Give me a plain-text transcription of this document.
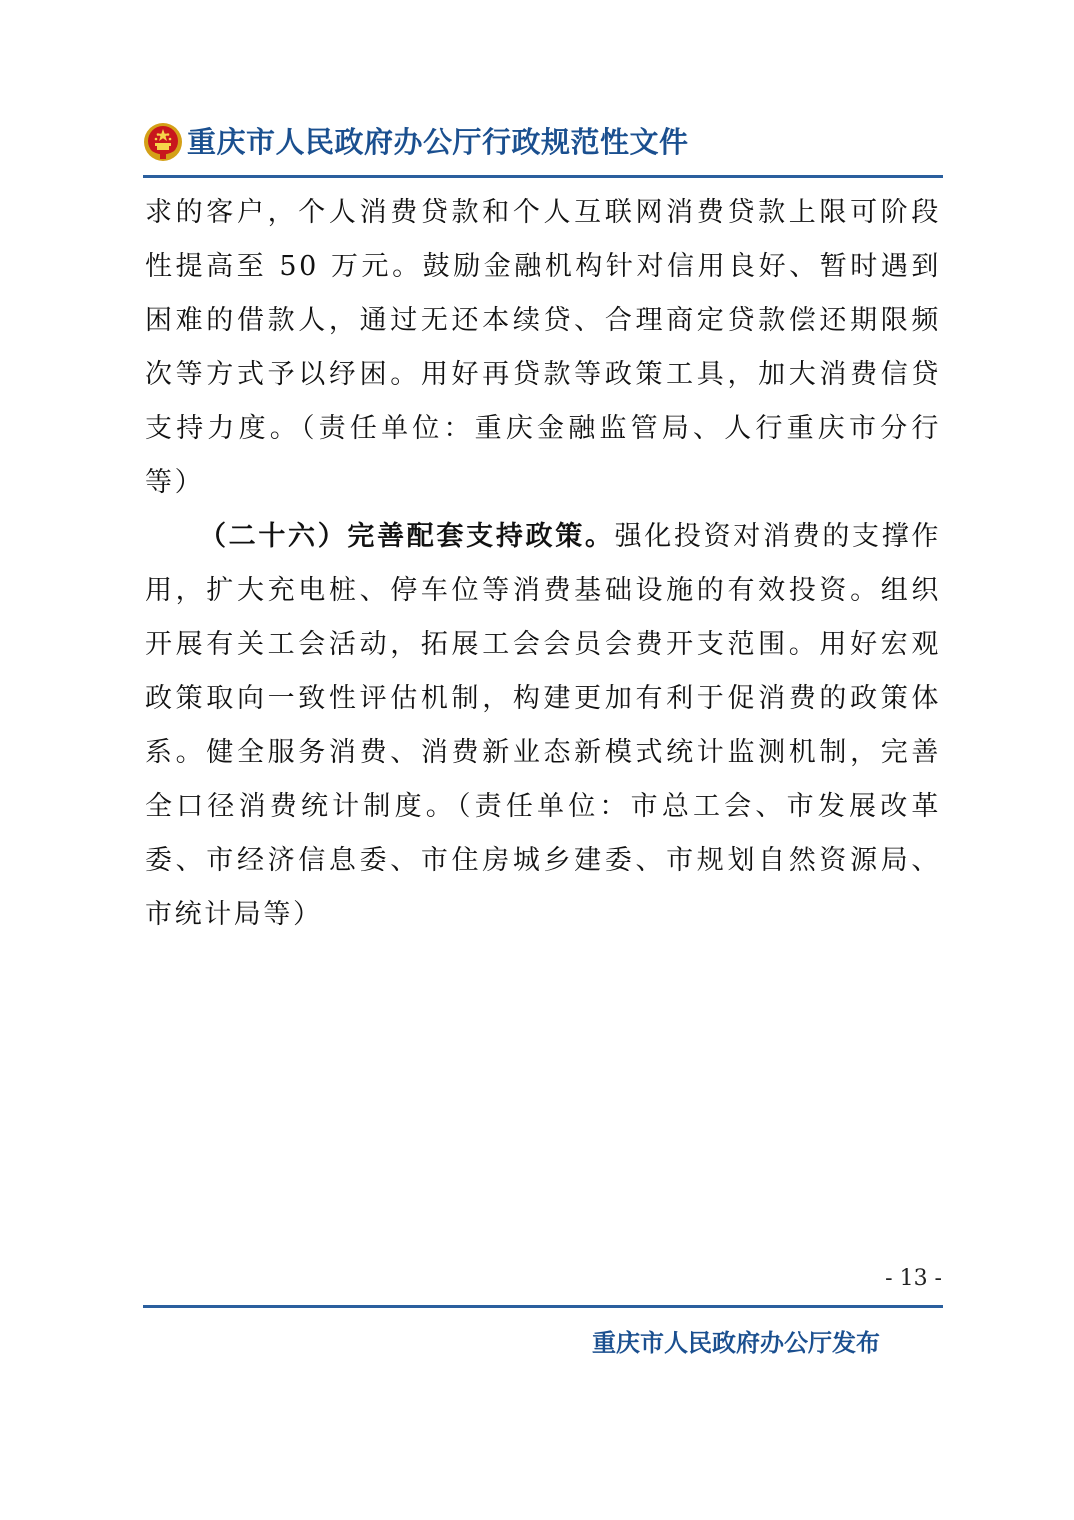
重庆市人民政府办公厅行政规范性文件

求的客户，个人消费贷款和个人互联网消费贷款上限可阶段性提高至 50 万元。鼓励金融机构针对信用良好、暂时遇到困难的借款人，通过无还本续贷、合理商定贷款偿还期限频次等方式予以纾困。用好再贷款等政策工具，加大消费信贷支持力度。（责任单位：重庆金融监管局、人行重庆市分行等）

（二十六）完善配套支持政策。强化投资对消费的支撑作用，扩大充电桩、停车位等消费基础设施的有效投资。组织开展有关工会活动，拓展工会会员会费开支范围。用好宏观政策取向一致性评估机制，构建更加有利于促消费的政策体系。健全服务消费、消费新业态新模式统计监测机制，完善全口径消费统计制度。（责任单位：市总工会、市发展改革委、市经济信息委、市住房城乡建委、市规划自然资源局、市统计局等）

- 13 -
重庆市人民政府办公厅发布
